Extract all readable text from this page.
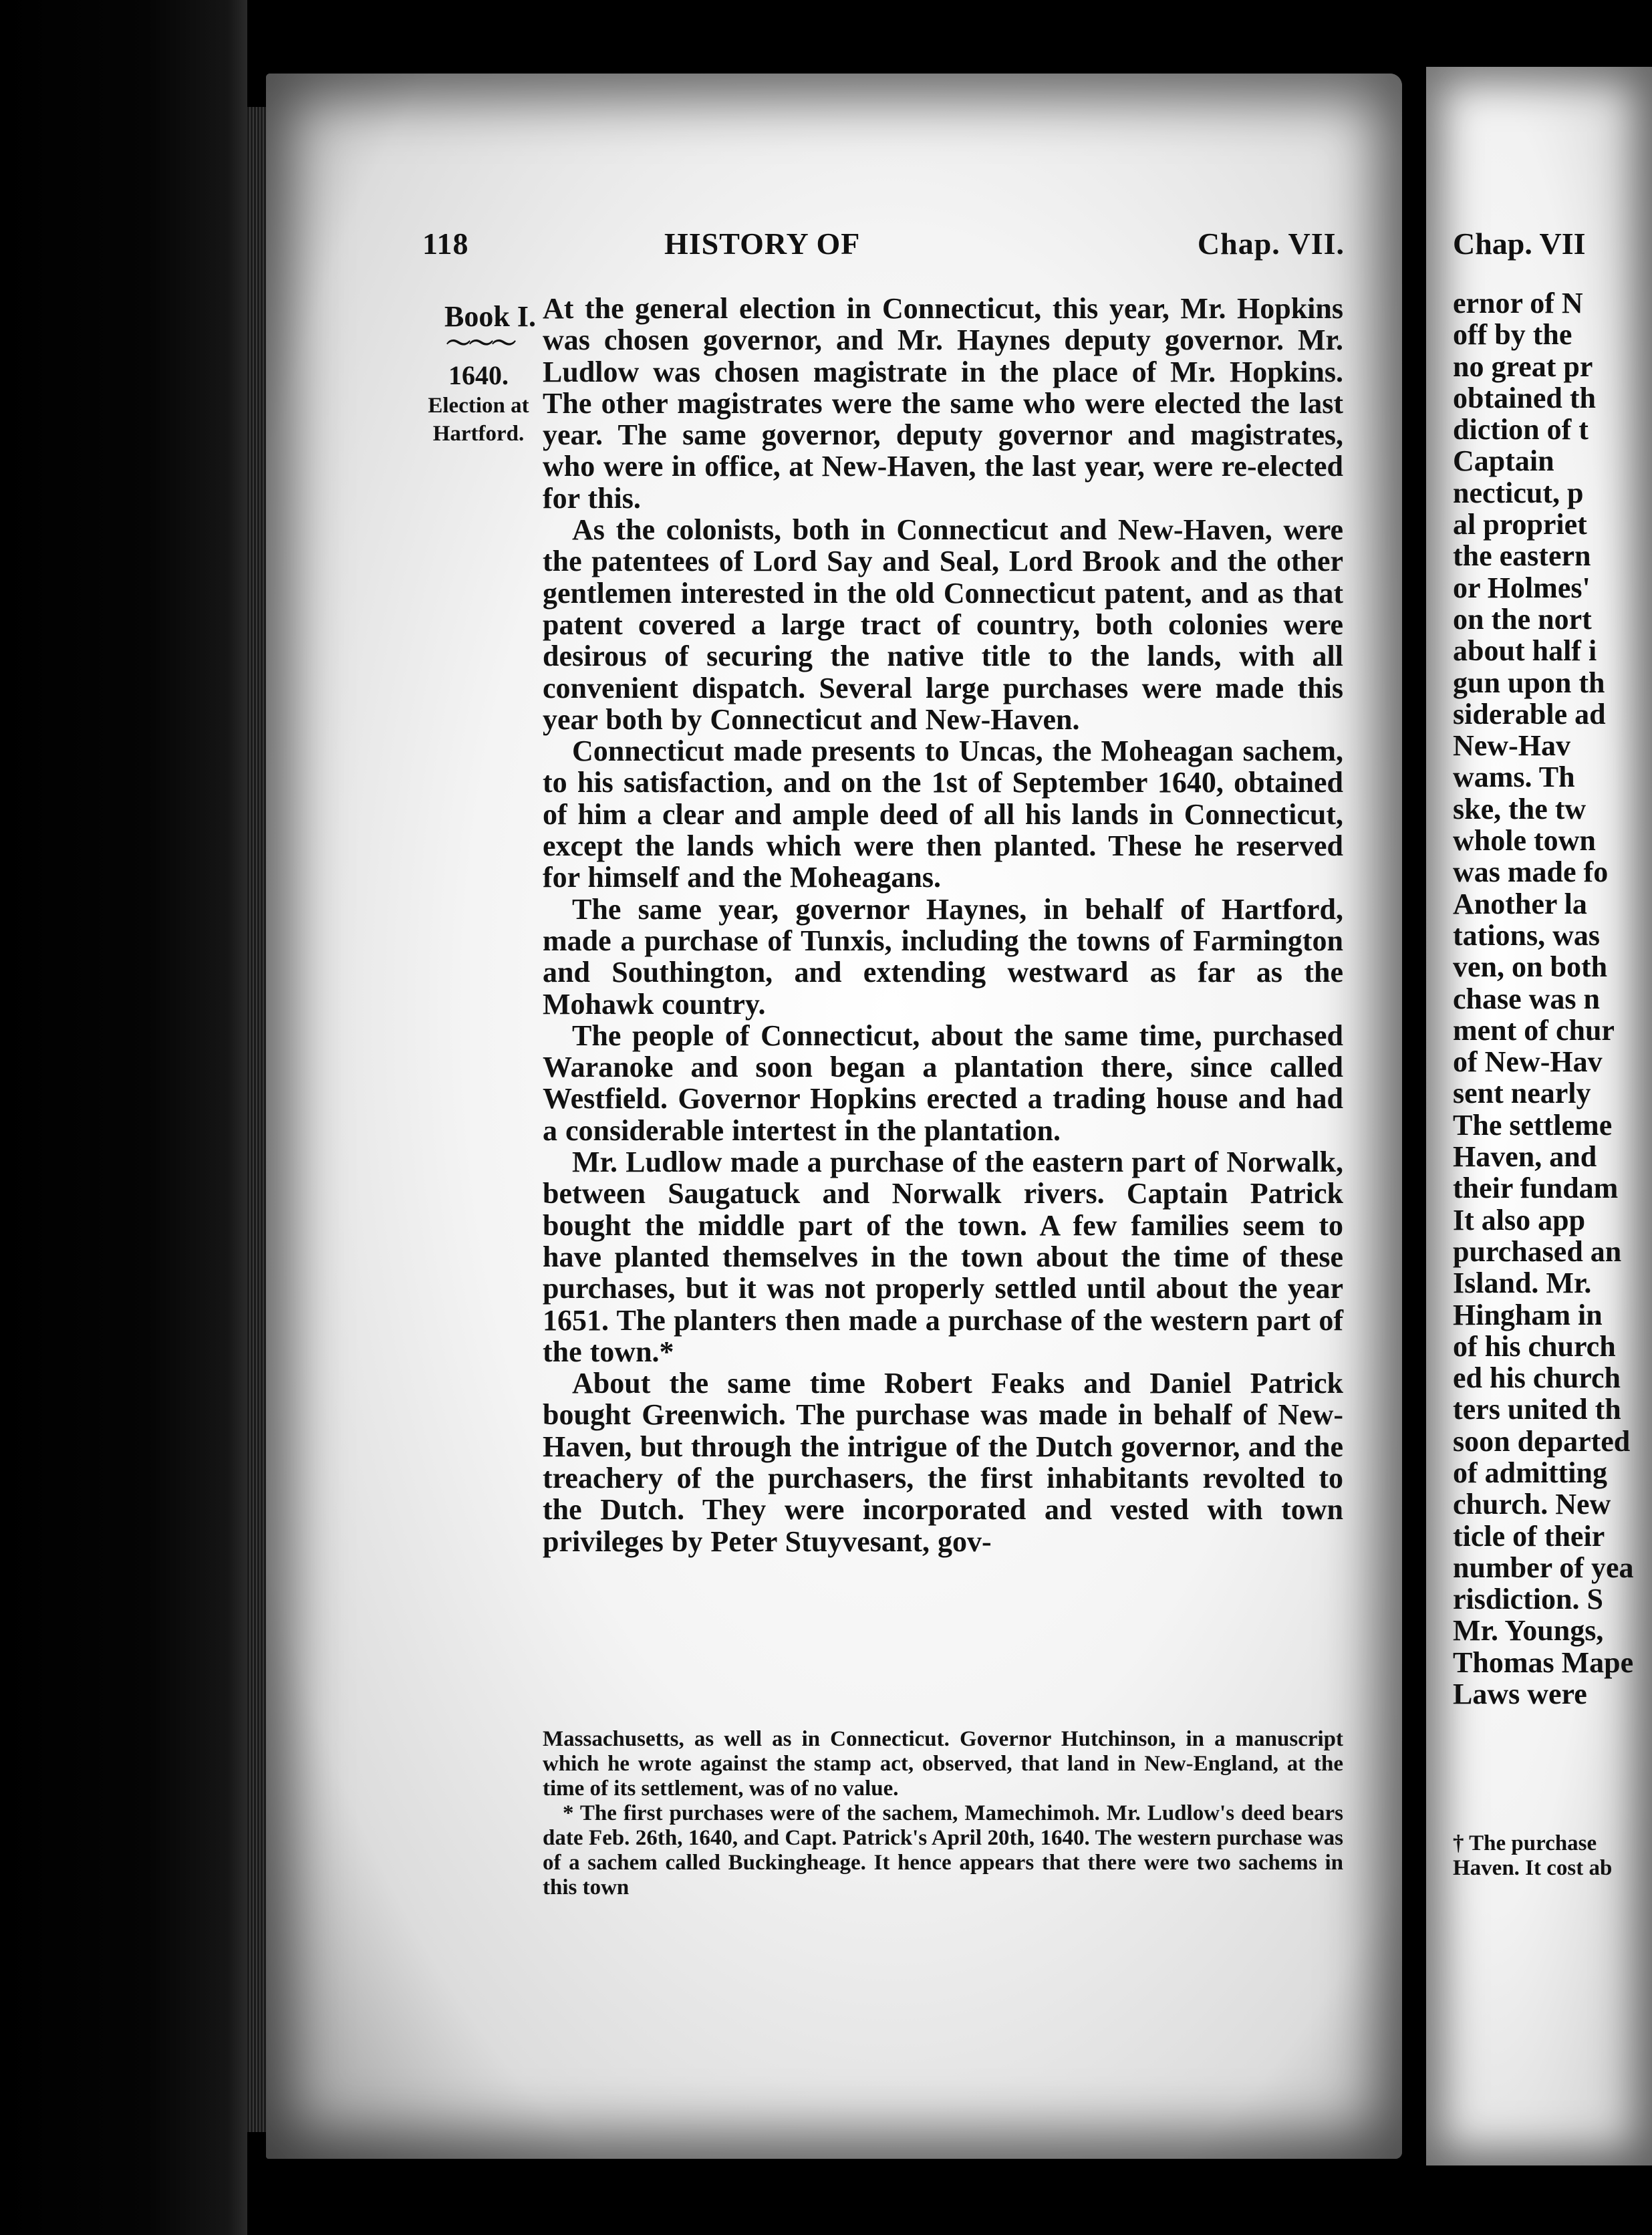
118	HISTORY OF	Chap. VII.
Book I.
〜〜〜
1640.
Election at
Hartford.

At the general election in Connecticut, this year, Mr. Hopkins was chosen governor, and Mr. Haynes deputy governor. Mr. Ludlow was chosen magistrate in the place of Mr. Hopkins. The other magistrates were the same who were elected the last year. The same governor, deputy governor and magistrates, who were in office, at New-Haven, the last year, were re-elected for this.

As the colonists, both in Connecticut and New-Haven, were the patentees of Lord Say and Seal, Lord Brook and the other gentlemen interested in the old Connecticut patent, and as that patent covered a large tract of country, both colonies were desirous of securing the native title to the lands, with all convenient dispatch. Several large purchases were made this year both by Connecticut and New-Haven.

Connecticut made presents to Uncas, the Moheagan sachem, to his satisfaction, and on the 1st of September 1640, obtained of him a clear and ample deed of all his lands in Connecticut, except the lands which were then planted. These he reserved for himself and the Moheagans.

The same year, governor Haynes, in behalf of Hartford, made a purchase of Tunxis, including the towns of Farmington and Southington, and extending westward as far as the Mohawk country.

The people of Connecticut, about the same time, purchased Waranoke and soon began a plantation there, since called Westfield. Governor Hopkins erected a trading house and had a considerable intertest in the plantation.

Mr. Ludlow made a purchase of the eastern part of Norwalk, between Saugatuck and Norwalk rivers. Captain Patrick bought the middle part of the town. A few families seem to have planted themselves in the town about the time of these purchases, but it was not properly settled until about the year 1651. The planters then made a purchase of the western part of the town.*

About the same time Robert Feaks and Daniel Patrick bought Greenwich. The purchase was made in behalf of New-Haven, but through the intrigue of the Dutch governor, and the treachery of the purchasers, the first inhabitants revolted to the Dutch. They were incorporated and vested with town privileges by Peter Stuyvesant, gov-

Massachusetts, as well as in Connecticut. Governor Hutchinson, in a manuscript which he wrote against the stamp act, observed, that land in New-England, at the time of its settlement, was of no value.

* The first purchases were of the sachem, Mamechimoh. Mr. Ludlow's deed bears date Feb. 26th, 1640, and Capt. Patrick's April 20th, 1640. The western purchase was of a sachem called Buckingheage. It hence appears that there were two sachems in this town

Chap. VII
ernor of N
off by the
no great pr
obtained th
diction of t
Captain
necticut, p
al propriet
the eastern
or Holmes'
on the nort
about half i
gun upon th
siderable ad
New-Hav
wams. Th
ske, the tw
whole town
was made fo
Another la
tations, was
ven, on both
chase was n
ment of chur
of New-Hav
sent nearly
The settleme
Haven, and
their fundam
It also app
purchased an
Island. Mr.
Hingham in
of his church
ed his church
ters united th
soon departed
of admitting
church. New
ticle of their
number of yea
risdiction. S
Mr. Youngs,
Thomas Mape
Laws were
† The purchase
Haven. It cost ab
